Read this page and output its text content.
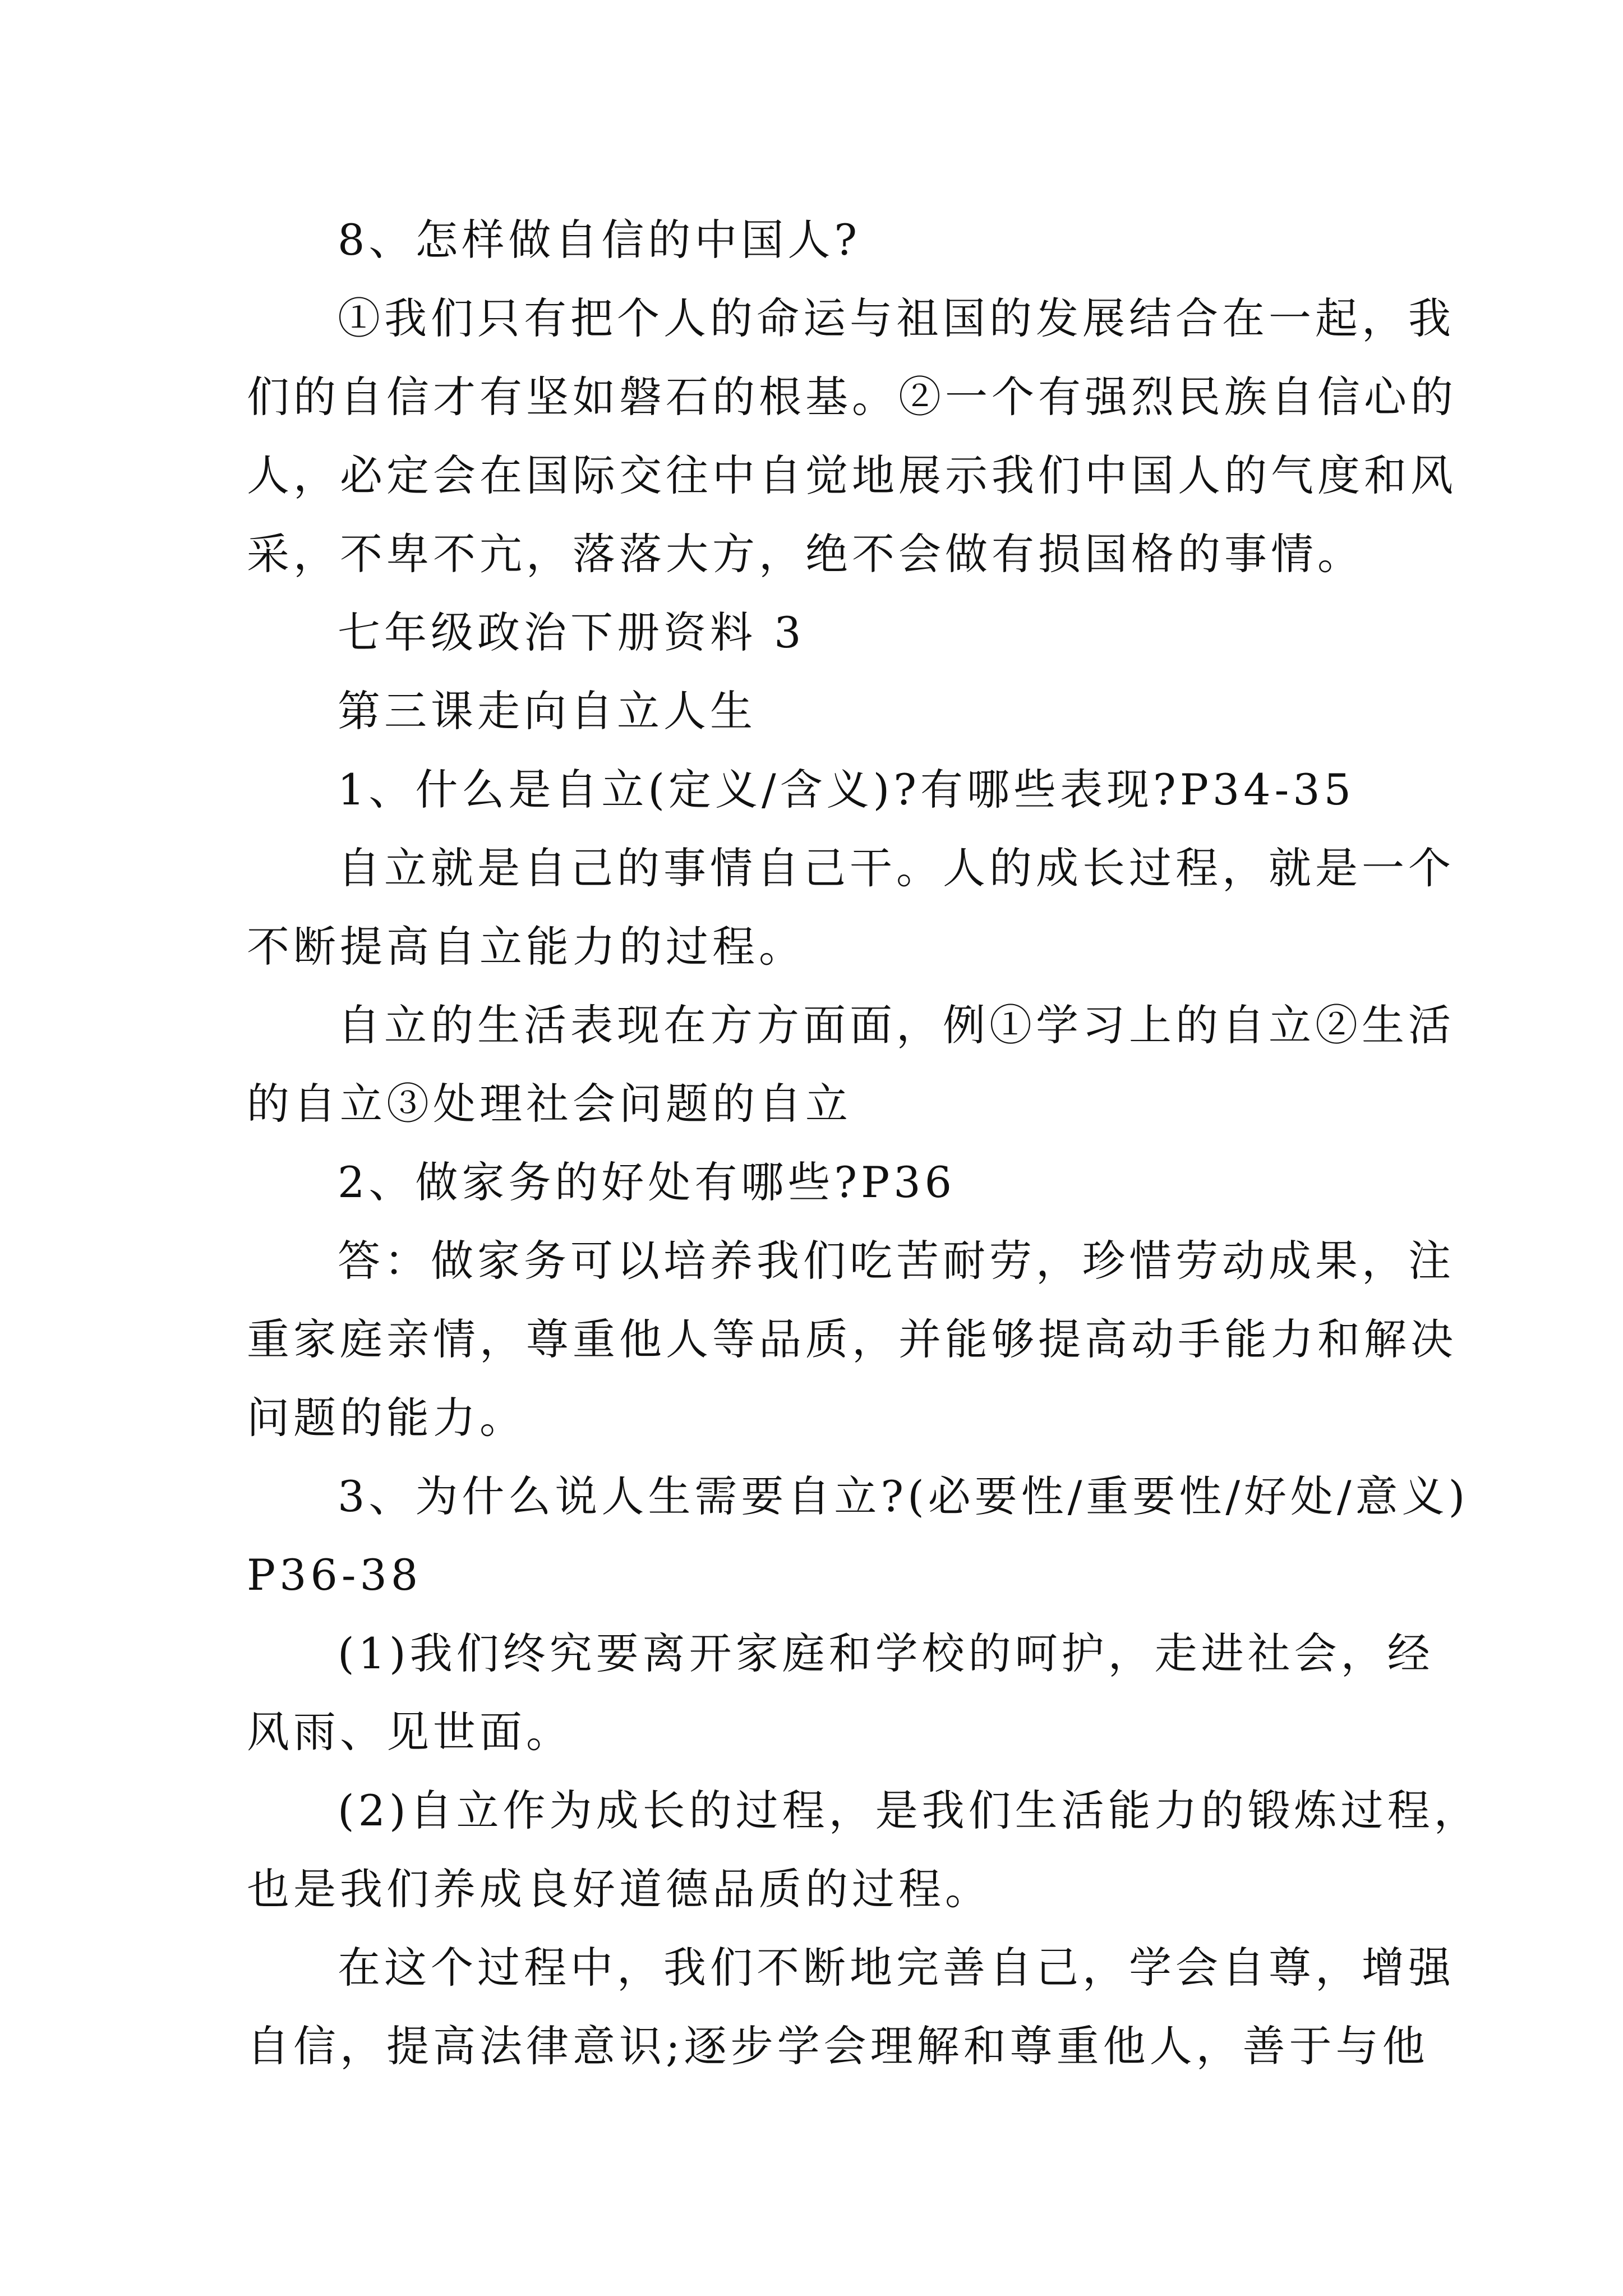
8、怎样做自信的中国人?
①我们只有把个人的命运与祖国的发展结合在一起，我
们的自信才有坚如磐石的根基。②一个有强烈民族自信心的
人，必定会在国际交往中自觉地展示我们中国人的气度和风
采，不卑不亢，落落大方，绝不会做有损国格的事情。
七年级政治下册资料 3
第三课走向自立人生
1、什么是自立(定义/含义)?有哪些表现?P34-35
自立就是自己的事情自己干。人的成长过程，就是一个
不断提高自立能力的过程。
自立的生活表现在方方面面，例①学习上的自立②生活
的自立③处理社会问题的自立
2、做家务的好处有哪些?P36
答：做家务可以培养我们吃苦耐劳，珍惜劳动成果，注
重家庭亲情，尊重他人等品质，并能够提高动手能力和解决
问题的能力。
3、为什么说人生需要自立?(必要性/重要性/好处/意义)
P36-38
(1)我们终究要离开家庭和学校的呵护，走进社会，经
风雨、见世面。
(2)自立作为成长的过程，是我们生活能力的锻炼过程，
也是我们养成良好道德品质的过程。
在这个过程中，我们不断地完善自己，学会自尊，增强
自信，提高法律意识;逐步学会理解和尊重他人，善于与他
